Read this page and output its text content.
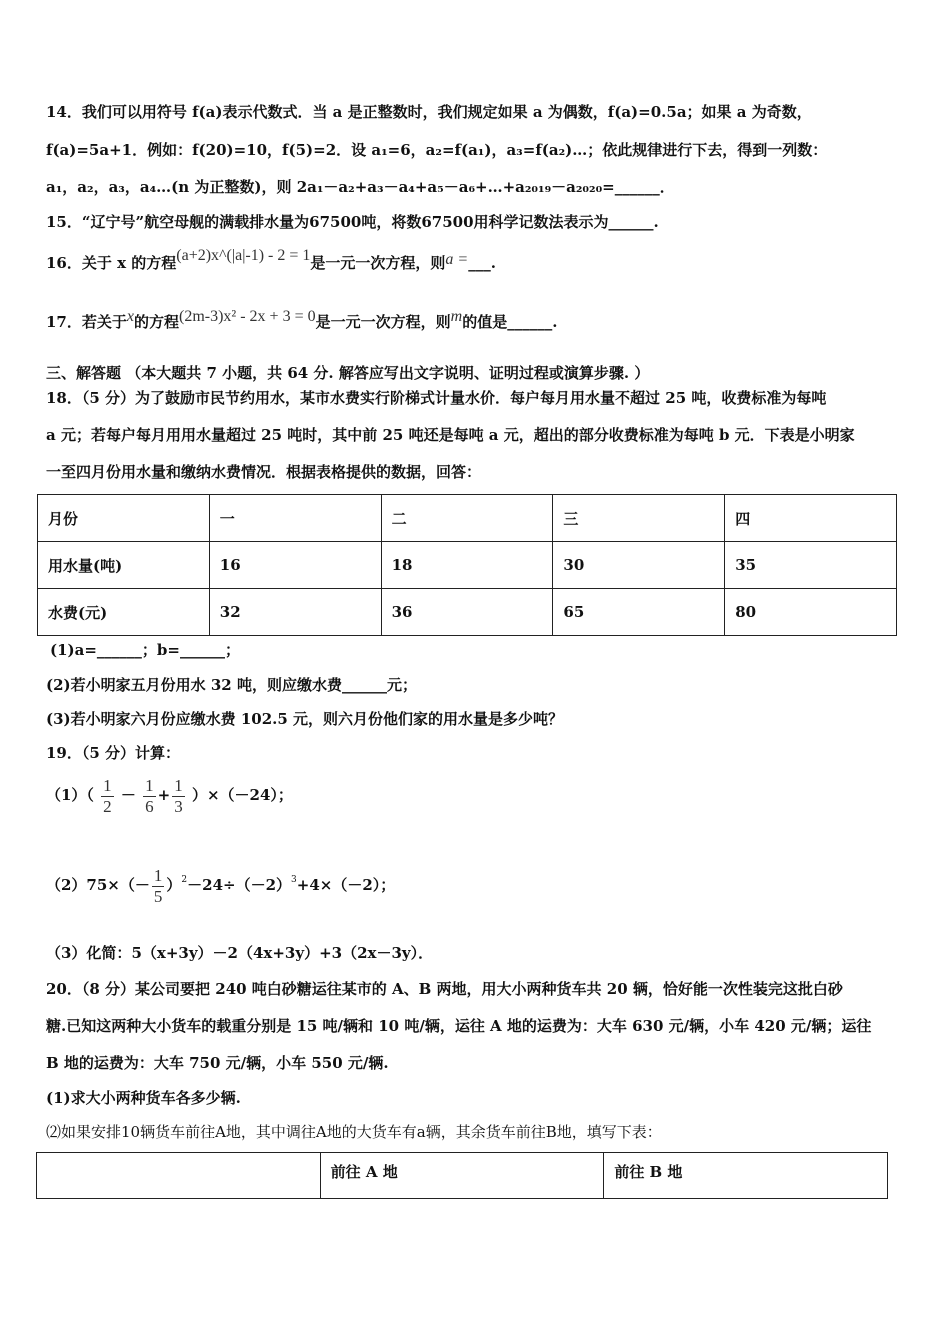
14．我们可以用符号 f(a)表示代数式．当 a 是正整数时，我们规定如果 a 为偶数，f(a)=0.5a；如果 a 为奇数，
f(a)=5a+1．例如：f(20)=10，f(5)=2．设 a₁=6，a₂=f(a₁)，a₃=f(a₂)…；依此规律进行下去，得到一列数：
a₁，a₂，a₃，a₄…(n 为正整数)，则 2a₁－a₂+a₃－a₄+a₅－a₆+…+a₂₀₁₉－a₂₀₂₀=______．
15．“辽宁号”航空母舰的满载排水量为67500吨，将数67500用科学记数法表示为______.
16．关于 x 的方程(a+2)x^(|a|-1) - 2 = 1是一元一次方程，则a =___.
17．若关于x的方程(2m-3)x² - 2x + 3 = 0是一元一次方程，则m的值是______.
三、解答题 （本大题共 7 小题，共 64 分. 解答应写出文字说明、证明过程或演算步骤. ）
18．（5 分）为了鼓励市民节约用水，某市水费实行阶梯式计量水价．每户每月用水量不超过 25 吨，收费标准为每吨
a 元；若每户每月用用水量超过 25 吨时，其中前 25 吨还是每吨 a 元，超出的部分收费标准为每吨 b 元．下表是小明家
一至四月份用水量和缴纳水费情况．根据表格提供的数据，回答：
月份	一	二	三	四
用水量(吨)	16	18	30	35
水费(元)	32	36	65	80
(1)a=______；b=______；
(2)若小明家五月份用水 32 吨，则应缴水费______元；
(3)若小明家六月份应缴水费 102.5 元，则六月份他们家的用水量是多少吨？
19．（5 分）计算：
$(1)( \frac{1}{2} - \frac{1}{6} + \frac{1}{3} )\times(-24)$；
$(2)75\times(- \frac{1}{5} )^2-24\div(-2)^3+4\times(-2)$；
（3）化简：5（x+3y）－2（4x+3y）+3（2x－3y）．
20．（8 分）某公司要把 240 吨白砂糖运往某市的 A、B 两地，用大小两种货车共 20 辆，恰好能一次性装完这批白砂
糖.已知这两种大小货车的载重分别是 15 吨/辆和 10 吨/辆，运往 A 地的运费为：大车 630 元/辆，小车 420 元/辆；运往
B 地的运费为：大车 750 元/辆，小车 550 元/辆.
(1)求大小两种货车各多少辆.
⑵如果安排10辆货车前往A地，其中调往A地的大货车有a辆，其余货车前往B地，填写下表：
	前往 A 地	前往 B 地
